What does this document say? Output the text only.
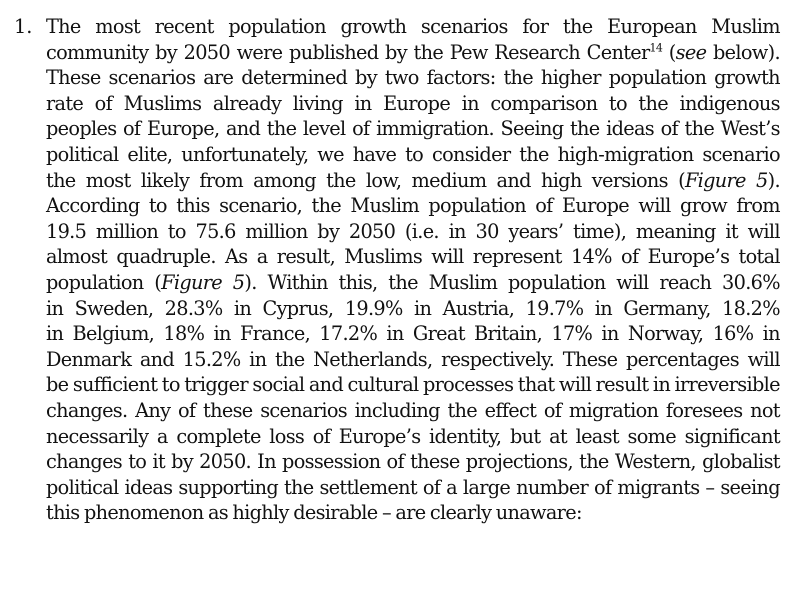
1. The most recent population growth scenarios for the European Muslim
community by 2050 were published by the Pew Research Center$^{14}$ (see below).
These scenarios are determined by two factors: the higher population growth
rate of Muslims already living in Europe in comparison to the indigenous
peoples of Europe, and the level of immigration. Seeing the ideas of the West’s
political elite, unfortunately, we have to consider the high-migration scenario
the most likely from among the low, medium and high versions (Figure 5).
According to this scenario, the Muslim population of Europe will grow from
19.5 million to 75.6 million by 2050 (i.e. in 30 years’ time), meaning it will
almost quadruple. As a result, Muslims will represent 14% of Europe’s total
population (Figure 5). Within this, the Muslim population will reach 30.6%
in Sweden, 28.3% in Cyprus, 19.9% in Austria, 19.7% in Germany, 18.2%
in Belgium, 18% in France, 17.2% in Great Britain, 17% in Norway, 16% in
Denmark and 15.2% in the Netherlands, respectively. These percentages will
be sufficient to trigger social and cultural processes that will result in irreversible
changes. Any of these scenarios including the effect of migration foresees not
necessarily a complete loss of Europe’s identity, but at least some significant
changes to it by 2050. In possession of these projections, the Western, globalist
political ideas supporting the settlement of a large number of migrants – seeing
this phenomenon as highly desirable – are clearly unaware:
